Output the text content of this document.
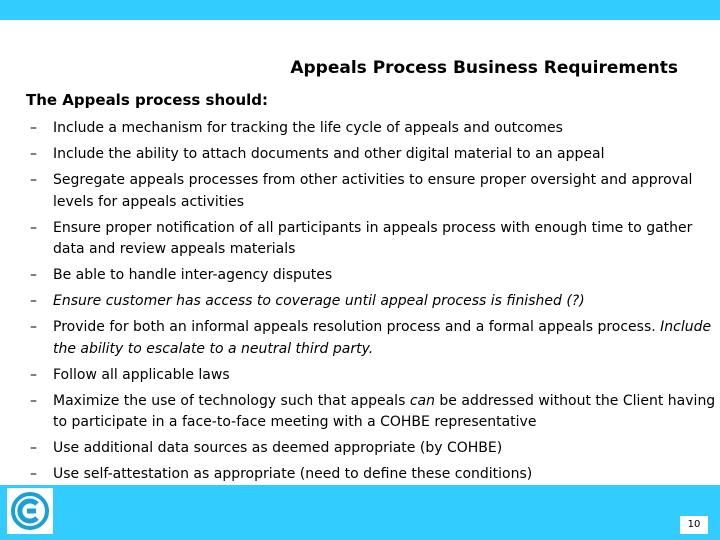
Appeals Process Business Requirements
The Appeals process should:
–	Include a mechanism for tracking the life cycle of appeals and outcomes
–	Include the ability to attach documents and other digital material to an appeal
–	Segregate appeals processes from other activities to ensure proper oversight and approval levels for appeals activities
–	Ensure proper notification of all participants in appeals process with enough time to gather data and review appeals materials
–	Be able to handle inter-agency disputes
–	Ensure customer has access to coverage until appeal process is finished (?)
–	Provide for both an informal appeals resolution process and a formal appeals process. Include the ability to escalate to a neutral third party.
–	Follow all applicable laws
–	Maximize the use of technology such that appeals can be addressed without the Client having to participate in a face-to-face meeting with a COHBE representative
–	Use additional data sources as deemed appropriate (by COHBE)
–	Use self-attestation as appropriate (need to define these conditions)
10
